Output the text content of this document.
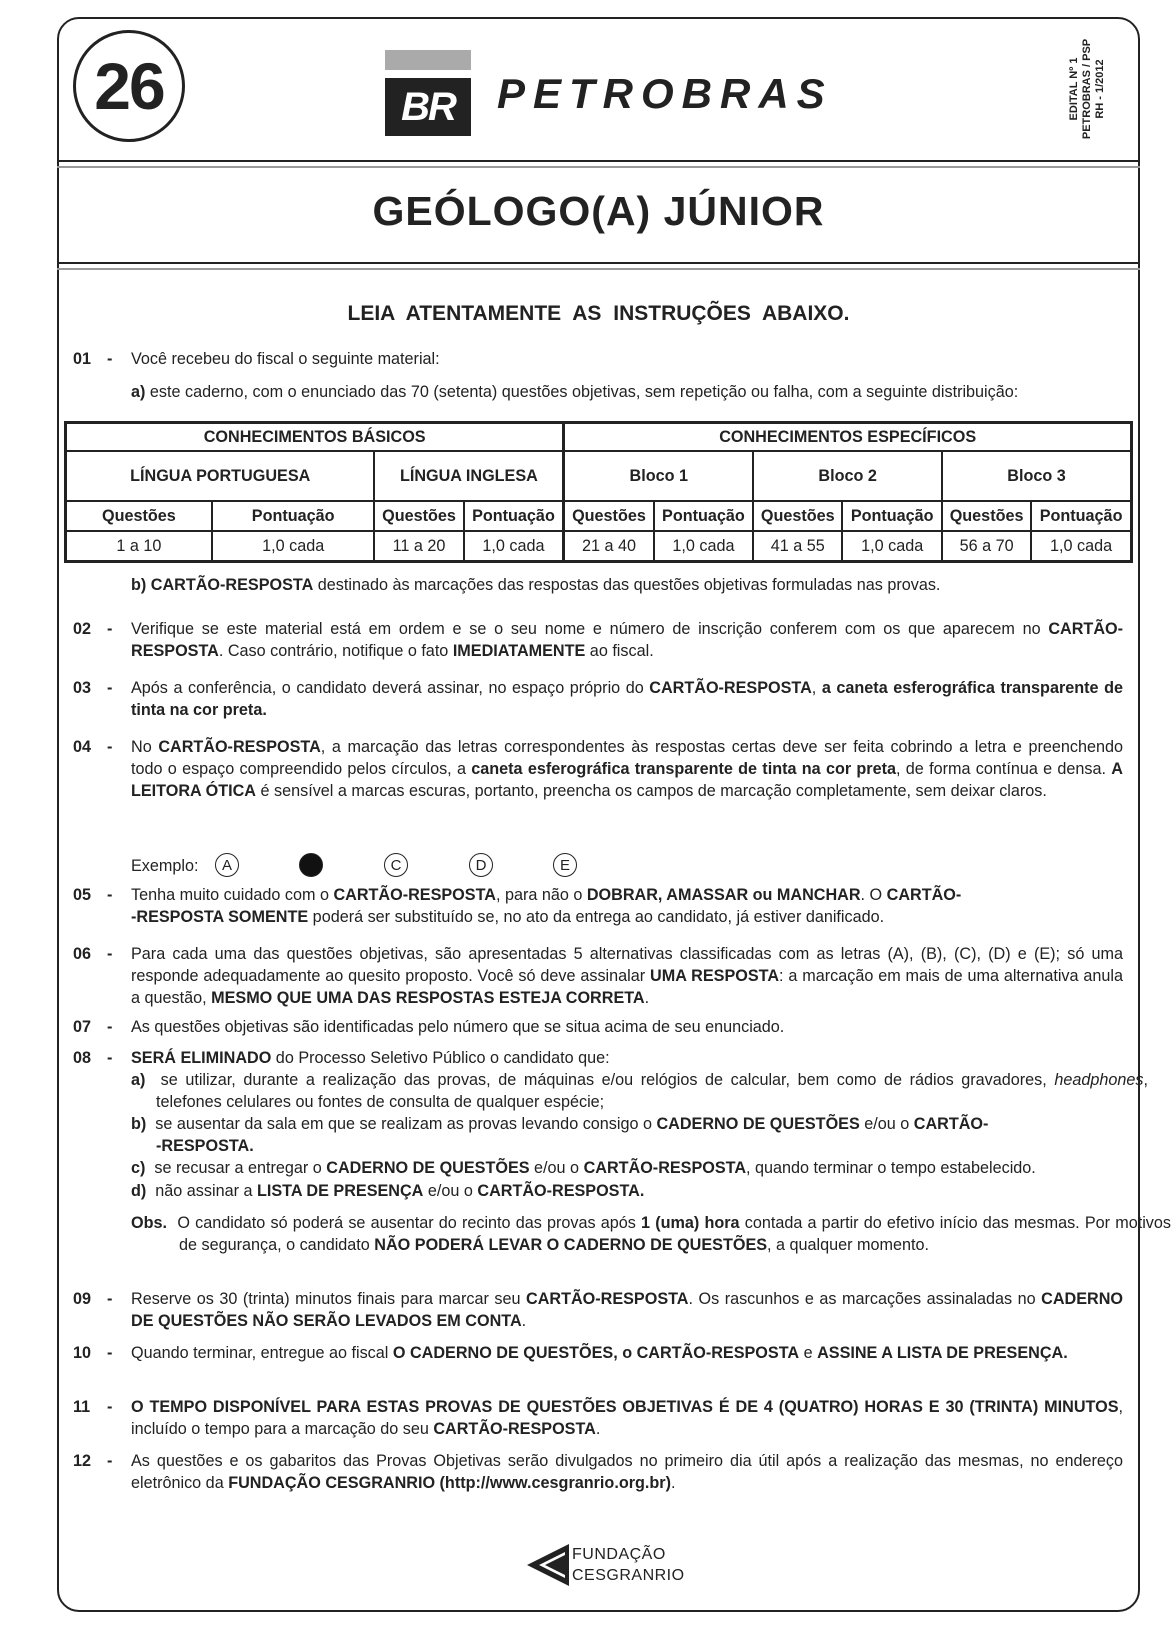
26	BR PETROBRAS	EDITAL Nº 1 PETROBRAS / PSP RH - 1/2012
GEÓLOGO(A) JÚNIOR
LEIA ATENTAMENTE AS INSTRUÇÕES ABAIXO.
01 - Você recebeu do fiscal o seguinte material:
a) este caderno, com o enunciado das 70 (setenta) questões objetivas, sem repetição ou falha, com a seguinte distribuição:
CONHECIMENTOS BÁSICOS				CONHECIMENTOS ESPECÍFICOS					
LÍNGUA PORTUGUESA		LÍNGUA INGLESA		Bloco 1		Bloco 2		Bloco 3	
Questões	Pontuação	Questões	Pontuação	Questões	Pontuação	Questões	Pontuação	Questões	Pontuação
1 a 10	1,0 cada	11 a 20	1,0 cada	21 a 40	1,0 cada	41 a 55	1,0 cada	56 a 70	1,0 cada
b) CARTÃO-RESPOSTA destinado às marcações das respostas das questões objetivas formuladas nas provas.
02 - Verifique se este material está em ordem e se o seu nome e número de inscrição conferem com os que aparecem no CARTÃO-RESPOSTA. Caso contrário, notifique o fato IMEDIATAMENTE ao fiscal.
03 - Após a conferência, o candidato deverá assinar, no espaço próprio do CARTÃO-RESPOSTA, a caneta esferográfica transparente de tinta na cor preta.
04 - No CARTÃO-RESPOSTA, a marcação das letras correspondentes às respostas certas deve ser feita cobrindo a letra e preenchendo todo o espaço compreendido pelos círculos, a caneta esferográfica transparente de tinta na cor preta, de forma contínua e densa. A LEITORA ÓTICA é sensível a marcas escuras, portanto, preencha os campos de marcação completamente, sem deixar claros.
Exemplo:	A	C	D	E
05 - Tenha muito cuidado com o CARTÃO-RESPOSTA, para não o DOBRAR, AMASSAR ou MANCHAR. O CARTÃO-
-RESPOSTA SOMENTE poderá ser substituído se, no ato da entrega ao candidato, já estiver danificado.
06 - Para cada uma das questões objetivas, são apresentadas 5 alternativas classificadas com as letras (A), (B), (C), (D) e (E); só uma responde adequadamente ao quesito proposto. Você só deve assinalar UMA RESPOSTA: a marcação em mais de uma alternativa anula a questão, MESMO QUE UMA DAS RESPOSTAS ESTEJA CORRETA.
07 - As questões objetivas são identificadas pelo número que se situa acima de seu enunciado.
08 - SERÁ ELIMINADO do Processo Seletivo Público o candidato que:
a)  se utilizar, durante a realização das provas, de máquinas e/ou relógios de calcular, bem como de rádios gravadores, headphones, telefones celulares ou fontes de consulta de qualquer espécie;
b)  se ausentar da sala em que se realizam as provas levando consigo o CADERNO DE QUESTÕES e/ou o CARTÃO-
-RESPOSTA.
c)  se recusar a entregar o CADERNO DE QUESTÕES e/ou o CARTÃO-RESPOSTA, quando terminar o tempo estabelecido.
d)  não assinar a LISTA DE PRESENÇA e/ou o CARTÃO-RESPOSTA.
Obs.  O candidato só poderá se ausentar do recinto das provas após 1 (uma) hora contada a partir do efetivo início das mesmas. Por motivos de segurança, o candidato NÃO PODERÁ LEVAR O CADERNO DE QUESTÕES, a qualquer momento.
09 - Reserve os 30 (trinta) minutos finais para marcar seu CARTÃO-RESPOSTA. Os rascunhos e as marcações assinaladas no CADERNO DE QUESTÕES NÃO SERÃO LEVADOS EM CONTA.
10 - Quando terminar, entregue ao fiscal O CADERNO DE QUESTÕES, o CARTÃO-RESPOSTA e ASSINE A LISTA DE PRESENÇA.
11 - O TEMPO DISPONÍVEL PARA ESTAS PROVAS DE QUESTÕES OBJETIVAS É DE 4 (QUATRO) HORAS E 30 (TRINTA) MINUTOS, incluído o tempo para a marcação do seu CARTÃO-RESPOSTA.
12 - As questões e os gabaritos das Provas Objetivas serão divulgados no primeiro dia útil após a realização das mesmas, no endereço eletrônico da FUNDAÇÃO CESGRANRIO (http://www.cesgranrio.org.br).
FUNDAÇÃO
CESGRANRIO
